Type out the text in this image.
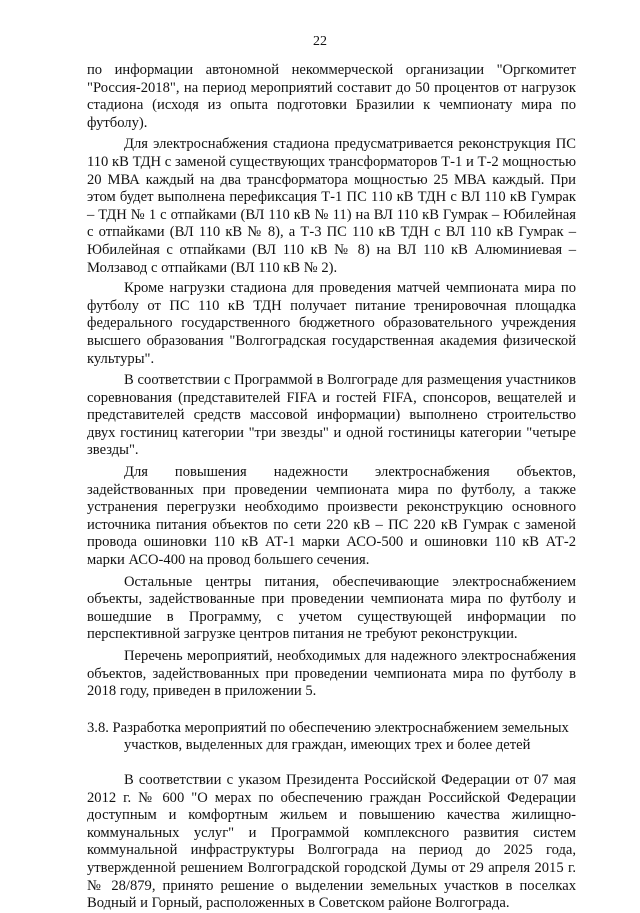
22

по информации автономной некоммерческой организации "Оргкомитет "Россия-2018", на период мероприятий составит до 50 процентов от нагрузок стадиона (исходя из опыта подготовки Бразилии к чемпионату мира по футболу).

Для электроснабжения стадиона предусматривается реконструкция ПС 110 кВ ТДН с заменой существующих трансформаторов Т-1 и Т-2 мощностью 20 МВА каждый на два трансформатора мощностью 25 МВА каждый. При этом будет выполнена перефиксация Т-1 ПС 110 кВ ТДН с ВЛ 110 кВ Гумрак – ТДН № 1 с отпайками (ВЛ 110 кВ № 11) на ВЛ 110 кВ Гумрак – Юбилейная с отпайками (ВЛ 110 кВ № 8), а Т-3 ПС 110 кВ ТДН с ВЛ 110 кВ Гумрак – Юбилейная с отпайками (ВЛ 110 кВ № 8) на ВЛ 110 кВ Алюминиевая – Молзавод с отпайками (ВЛ 110 кВ № 2).

Кроме нагрузки стадиона для проведения матчей чемпионата мира по футболу от ПС 110 кВ ТДН получает питание тренировочная площадка федерального государственного бюджетного образовательного учреждения высшего образования "Волгоградская государственная академия физической культуры".

В соответствии с Программой в Волгограде для размещения участников соревнования (представителей FIFA и гостей FIFA, спонсоров, вещателей и представителей средств массовой информации) выполнено строительство двух гостиниц категории "три звезды" и одной гостиницы категории "четыре звезды".

Для повышения надежности электроснабжения объектов, задействованных при проведении чемпионата мира по футболу, а также устранения перегрузки необходимо произвести реконструкцию основного источника питания объектов по сети 220 кВ – ПС 220 кВ Гумрак с заменой провода ошиновки 110 кВ АТ-1 марки АСО-500 и ошиновки 110 кВ АТ-2 марки АСО-400 на провод большего сечения.

Остальные центры питания, обеспечивающие электроснабжением объекты, задействованные при проведении чемпионата мира по футболу и вошедшие в Программу, с учетом существующей информации по перспективной загрузке центров питания не требуют реконструкции.

Перечень мероприятий, необходимых для надежного электроснабжения объектов, задействованных при проведении чемпионата мира по футболу в 2018 году, приведен в приложении 5.

3.8. Разработка мероприятий по обеспечению электроснабжением земельных участков, выделенных для граждан, имеющих трех и более детей

В соответствии с указом Президента Российской Федерации от 07 мая 2012 г. № 600 "О мерах по обеспечению граждан Российской Федерации доступным и комфортным жильем и повышению качества жилищно-коммунальных услуг" и Программой комплексного развития систем коммунальной инфраструктуры Волгограда на период до 2025 года, утвержденной решением Волгоградской городской Думы от 29 апреля 2015 г. № 28/879, принято решение о выделении земельных участков в поселках Водный и Горный, расположенных в Советском районе Волгограда.
